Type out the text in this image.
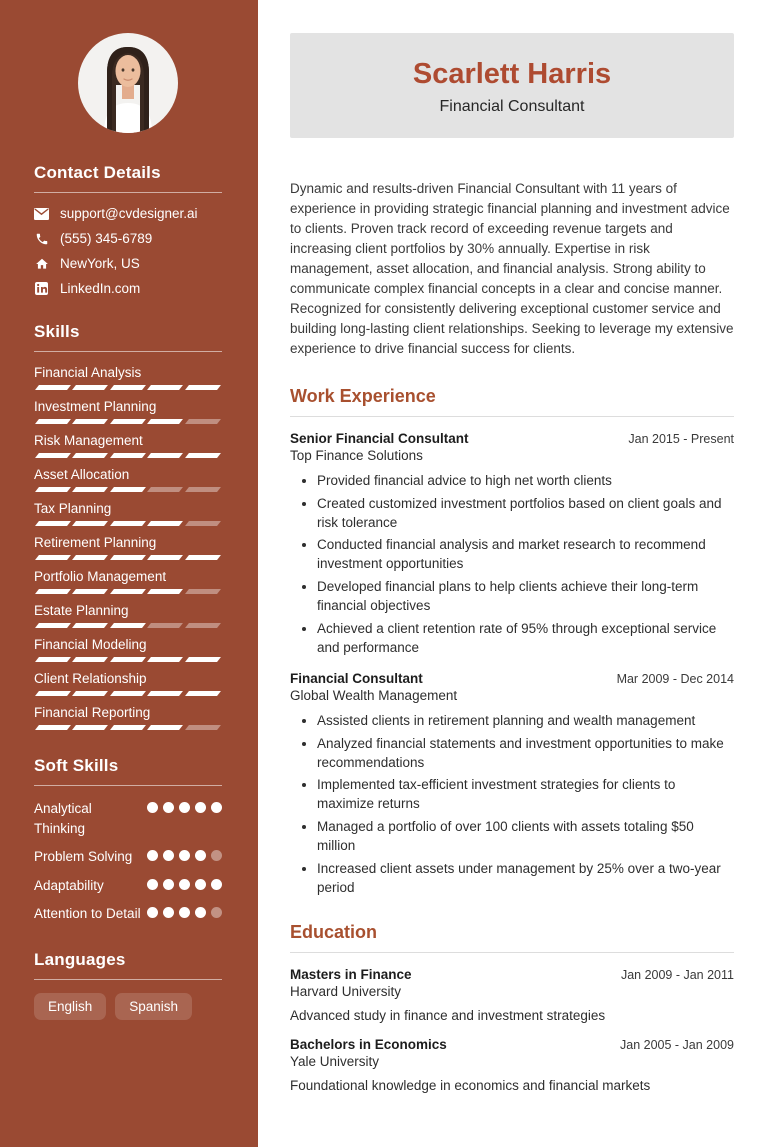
Contact Details
support@cvdesigner.ai
(555) 345-6789
NewYork, US
LinkedIn.com
Skills
Financial Analysis
Investment Planning
Risk Management
Asset Allocation
Tax Planning
Retirement Planning
Portfolio Management
Estate Planning
Financial Modeling
Client Relationship
Financial Reporting
Soft Skills
Analytical Thinking
Problem Solving
Adaptability
Attention to Detail
Languages
English	Spanish
Scarlett Harris
Financial Consultant

Dynamic and results-driven Financial Consultant with 11 years of experience in providing strategic financial planning and investment advice to clients. Proven track record of exceeding revenue targets and increasing client portfolios by 30% annually. Expertise in risk management, asset allocation, and financial analysis. Strong ability to communicate complex financial concepts in a clear and concise manner. Recognized for consistently delivering exceptional customer service and building long-lasting client relationships. Seeking to leverage my extensive experience to drive financial success for clients.

Work Experience
Senior Financial Consultant	Jan 2015 - Present
Top Finance Solutions
• Provided financial advice to high net worth clients
• Created customized investment portfolios based on client goals and risk tolerance
• Conducted financial analysis and market research to recommend investment opportunities
• Developed financial plans to help clients achieve their long-term financial objectives
• Achieved a client retention rate of 95% through exceptional service and performance
Financial Consultant	Mar 2009 - Dec 2014
Global Wealth Management
• Assisted clients in retirement planning and wealth management
• Analyzed financial statements and investment opportunities to make recommendations
• Implemented tax-efficient investment strategies for clients to maximize returns
• Managed a portfolio of over 100 clients with assets totaling $50 million
• Increased client assets under management by 25% over a two-year period
Education
Masters in Finance	Jan 2009 - Jan 2011
Harvard University
Advanced study in finance and investment strategies
Bachelors in Economics	Jan 2005 - Jan 2009
Yale University
Foundational knowledge in economics and financial markets
